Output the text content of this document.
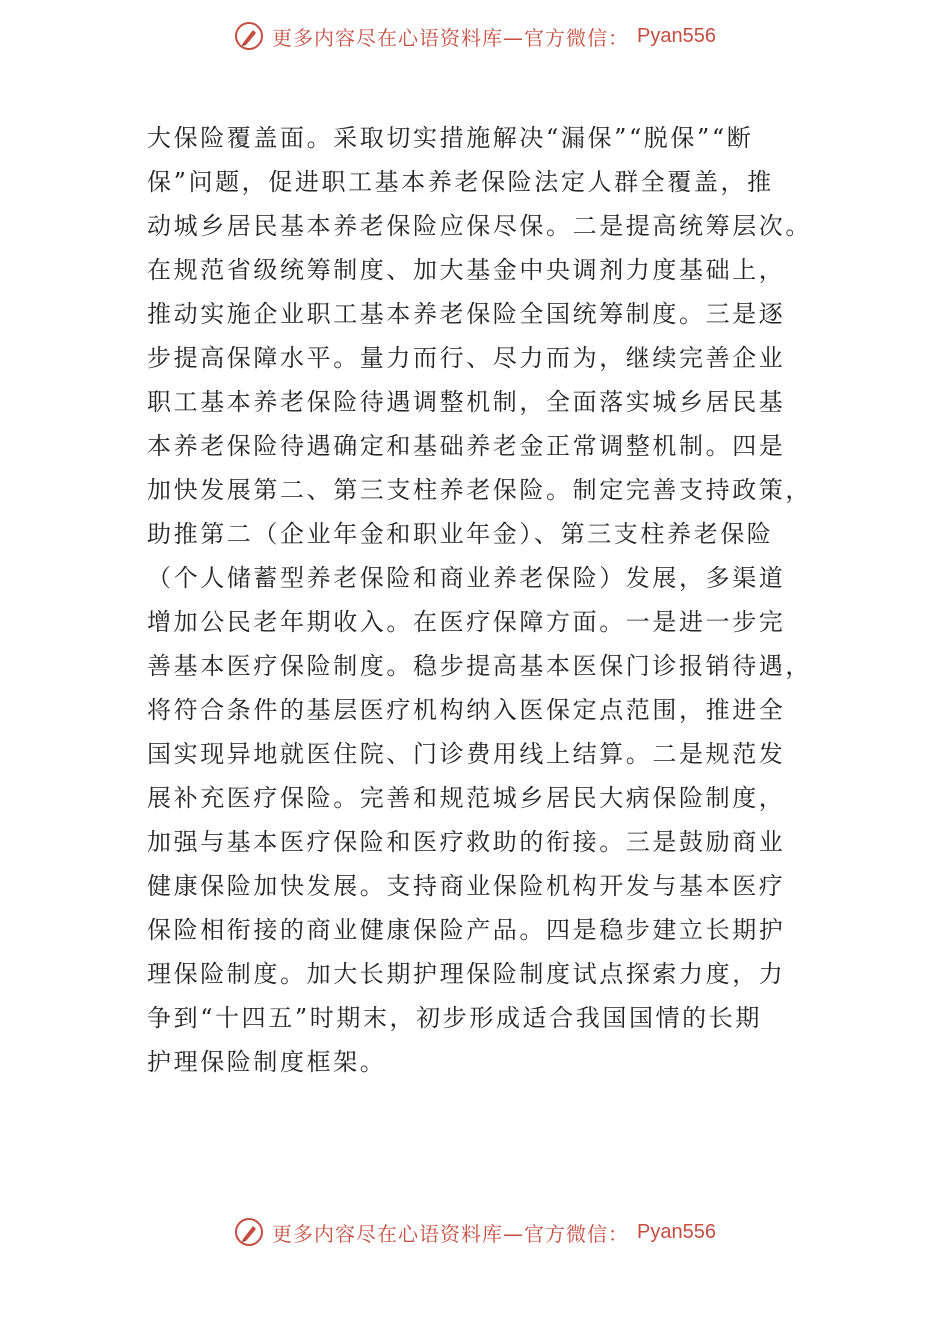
更多内容尽在心语资料库—官方微信： Pyan556
大保险覆盖面。采取切实措施解决“漏保”“脱保”“断
保”问题，促进职工基本养老保险法定人群全覆盖，推
动城乡居民基本养老保险应保尽保。二是提高统筹层次。
在规范省级统筹制度、加大基金中央调剂力度基础上，
推动实施企业职工基本养老保险全国统筹制度。三是逐
步提高保障水平。量力而行、尽力而为，继续完善企业
职工基本养老保险待遇调整机制，全面落实城乡居民基
本养老保险待遇确定和基础养老金正常调整机制。四是
加快发展第二、第三支柱养老保险。制定完善支持政策，
助推第二（企业年金和职业年金）、第三支柱养老保险
（个人储蓄型养老保险和商业养老保险）发展，多渠道
增加公民老年期收入。在医疗保障方面。一是进一步完
善基本医疗保险制度。稳步提高基本医保门诊报销待遇，
将符合条件的基层医疗机构纳入医保定点范围，推进全
国实现异地就医住院、门诊费用线上结算。二是规范发
展补充医疗保险。完善和规范城乡居民大病保险制度，
加强与基本医疗保险和医疗救助的衔接。三是鼓励商业
健康保险加快发展。支持商业保险机构开发与基本医疗
保险相衔接的商业健康保险产品。四是稳步建立长期护
理保险制度。加大长期护理保险制度试点探索力度，力
争到“十四五”时期末，初步形成适合我国国情的长期
护理保险制度框架。
更多内容尽在心语资料库—官方微信： Pyan556
